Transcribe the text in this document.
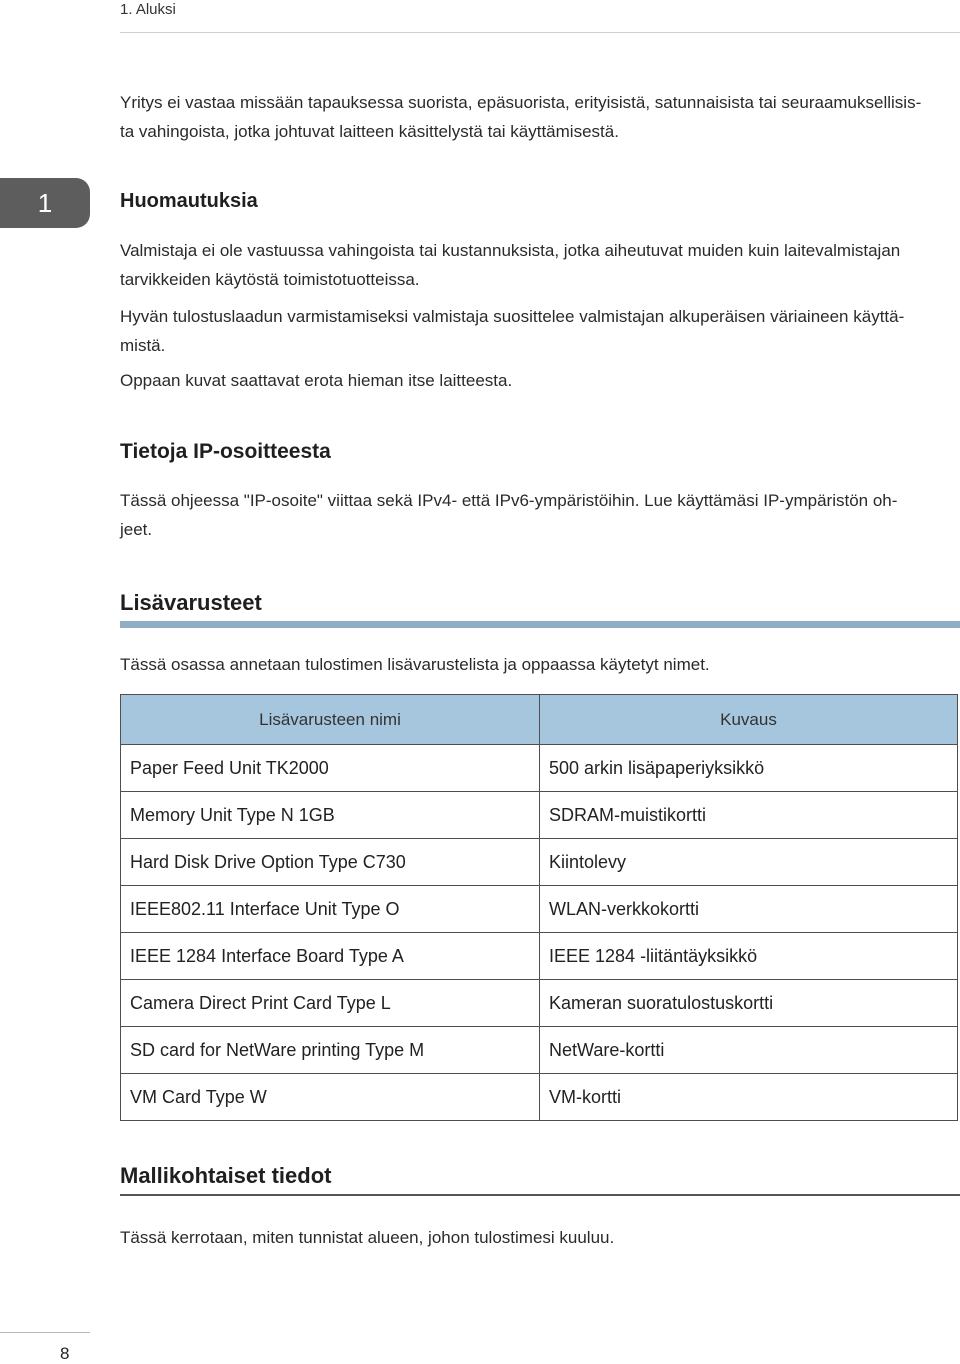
1. Aluksi

Yritys ei vastaa missään tapauksessa suorista, epäsuorista, erityisistä, satunnaisista tai seuraamuksellisis-

ta vahingoista, jotka johtuvat laitteen käsittelystä tai käyttämisestä.

1	Huomautuksia

Valmistaja ei ole vastuussa vahingoista tai kustannuksista, jotka aiheutuvat muiden kuin laitevalmistajan

tarvikkeiden käytöstä toimistotuotteissa.

Hyvän tulostuslaadun varmistamiseksi valmistaja suosittelee valmistajan alkuperäisen väriaineen käyttä-

mistä.

Oppaan kuvat saattavat erota hieman itse laitteesta.

Tietoja IP-osoitteesta

Tässä ohjeessa "IP-osoite" viittaa sekä IPv4- että IPv6-ympäristöihin. Lue käyttämäsi IP-ympäristön oh-

jeet.

Lisävarusteet

Tässä osassa annetaan tulostimen lisävarustelista ja oppaassa käytetyt nimet.

Lisävarusteen nimi	Kuvaus
Paper Feed Unit TK2000	500 arkin lisäpaperiyksikkö
Memory Unit Type N 1GB	SDRAM-muistikortti
Hard Disk Drive Option Type C730	Kiintolevy
IEEE802.11 Interface Unit Type O	WLAN-verkkokortti
IEEE 1284 Interface Board Type A	IEEE 1284 -liitäntäyksikkö
Camera Direct Print Card Type L	Kameran suoratulostuskortti
SD card for NetWare printing Type M	NetWare-kortti
VM Card Type W	VM-kortti
Mallikohtaiset tiedot

Tässä kerrotaan, miten tunnistat alueen, johon tulostimesi kuuluu.

8
